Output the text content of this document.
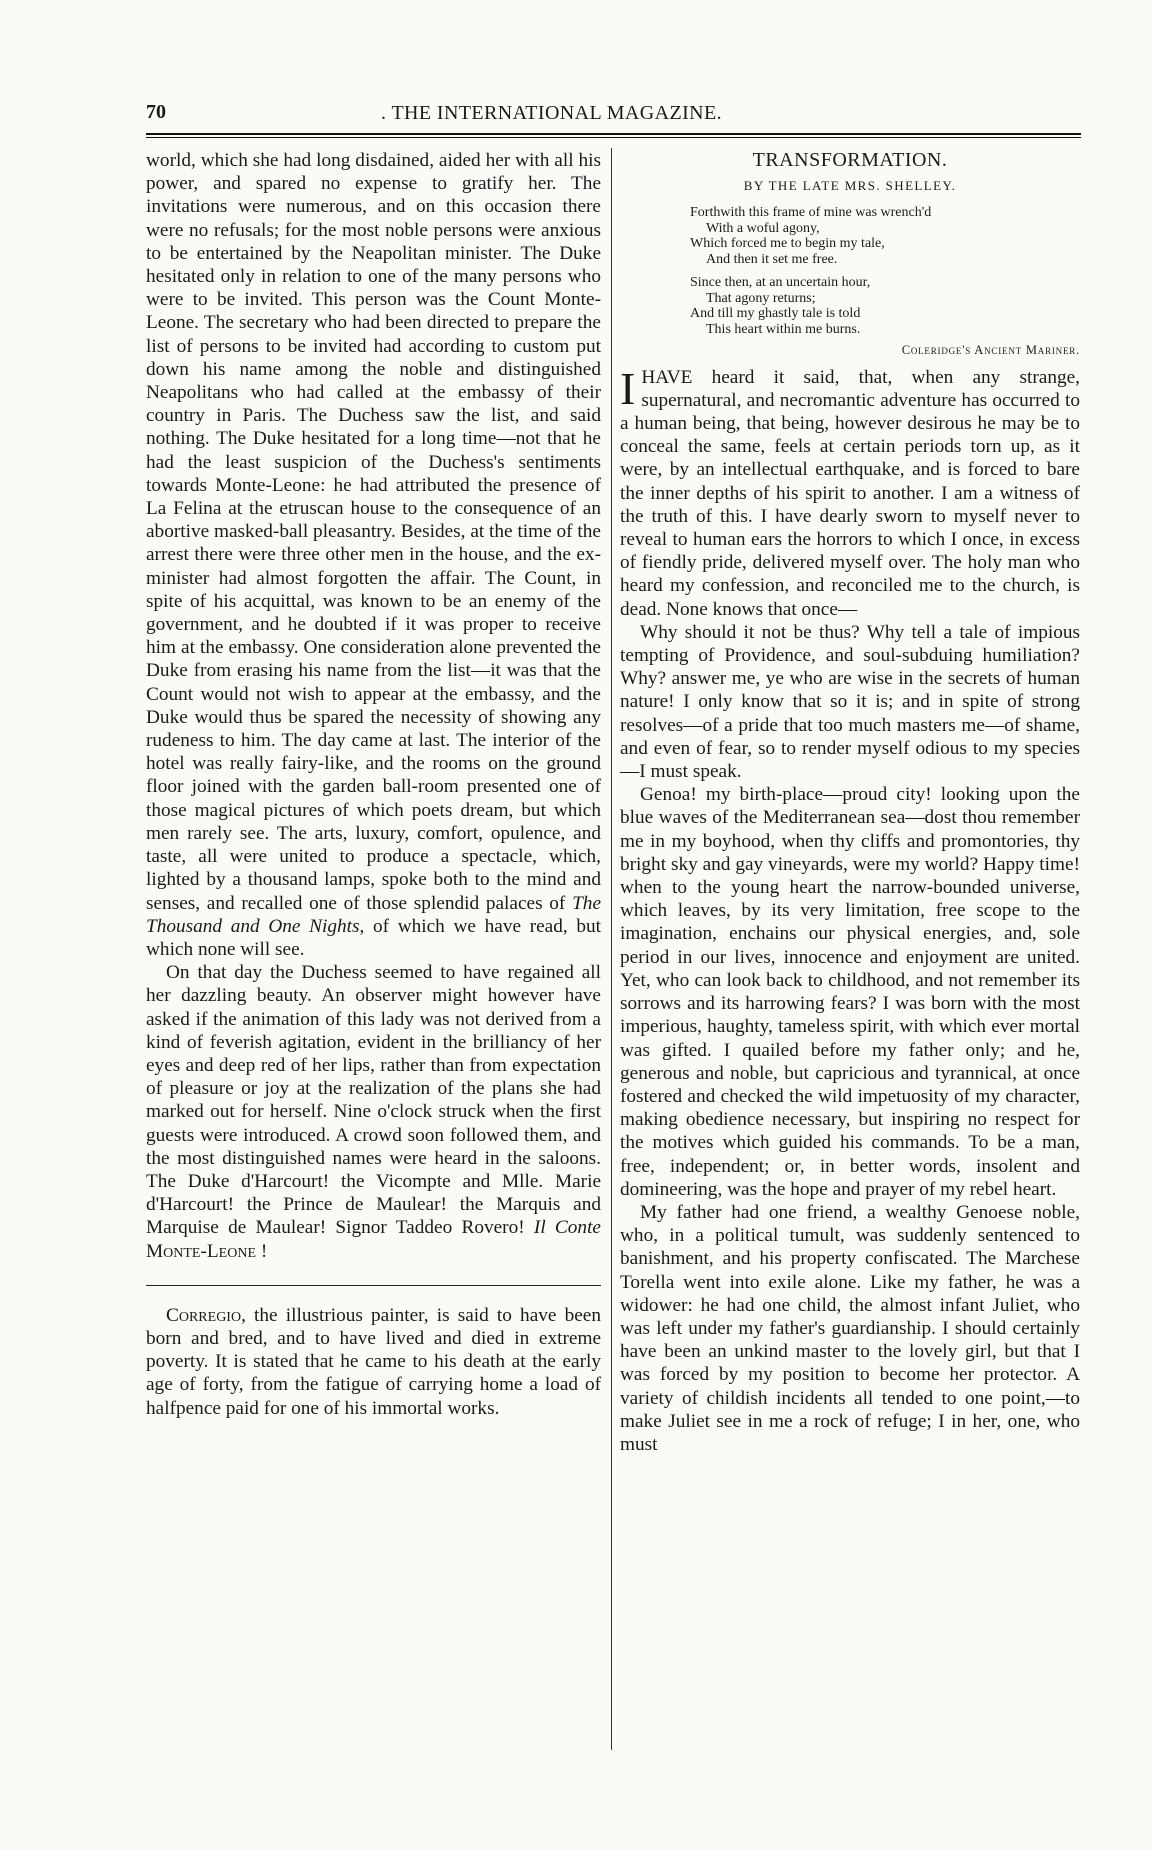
70	. THE INTERNATIONAL MAGAZINE.

world, which she had long disdained, aided her with all his power, and spared no expense to gratify her. The invitations were numerous, and on this occasion there were no refusals; for the most noble persons were anxious to be entertained by the Neapolitan minister. The Duke hesitated only in relation to one of the many persons who were to be invited. This person was the Count Monte-Leone. The secretary who had been directed to prepare the list of persons to be invited had according to custom put down his name among the noble and distinguished Neapolitans who had called at the embassy of their country in Paris. The Duchess saw the list, and said nothing. The Duke hesitated for a long time—not that he had the least suspicion of the Duchess's sentiments towards Monte-Leone: he had attributed the presence of La Felina at the etruscan house to the consequence of an abortive masked-ball pleasantry. Besides, at the time of the arrest there were three other men in the house, and the ex-minister had almost forgotten the affair. The Count, in spite of his acquittal, was known to be an enemy of the government, and he doubted if it was proper to receive him at the embassy. One consideration alone prevented the Duke from erasing his name from the list—it was that the Count would not wish to appear at the embassy, and the Duke would thus be spared the necessity of showing any rudeness to him. The day came at last. The interior of the hotel was really fairy-like, and the rooms on the ground floor joined with the garden ball-room presented one of those magical pictures of which poets dream, but which men rarely see. The arts, luxury, comfort, opulence, and taste, all were united to produce a spectacle, which, lighted by a thousand lamps, spoke both to the mind and senses, and recalled one of those splendid palaces of The Thousand and One Nights, of which we have read, but which none will see.

On that day the Duchess seemed to have regained all her dazzling beauty. An observer might however have asked if the animation of this lady was not derived from a kind of feverish agitation, evident in the brilliancy of her eyes and deep red of her lips, rather than from expectation of pleasure or joy at the realization of the plans she had marked out for herself. Nine o'clock struck when the first guests were introduced. A crowd soon followed them, and the most distinguished names were heard in the saloons. The Duke d'Harcourt! the Vicompte and Mlle. Marie d'Harcourt! the Prince de Maulear! the Marquis and Marquise de Maulear! Signor Taddeo Rovero! Il Conte Monte-Leone !

Corregio, the illustrious painter, is said to have been born and bred, and to have lived and died in extreme poverty. It is stated that he came to his death at the early age of forty, from the fatigue of carrying home a load of halfpence paid for one of his immortal works.

TRANSFORMATION.
BY THE LATE MRS. SHELLEY.
Forthwith this frame of mine was wrench'd
With a woful agony,
Which forced me to begin my tale,
And then it set me free.
Since then, at an uncertain hour,
That agony returns;
And till my ghastly tale is told
This heart within me burns.
Coleridge's Ancient Mariner.

IHAVE heard it said, that, when any strange, supernatural, and necromantic adventure has occurred to a human being, that being, however desirous he may be to conceal the same, feels at certain periods torn up, as it were, by an intellectual earthquake, and is forced to bare the inner depths of his spirit to another. I am a witness of the truth of this. I have dearly sworn to myself never to reveal to human ears the horrors to which I once, in excess of fiendly pride, delivered myself over. The holy man who heard my confession, and reconciled me to the church, is dead. None knows that once—

Why should it not be thus? Why tell a tale of impious tempting of Providence, and soul-subduing humiliation? Why? answer me, ye who are wise in the secrets of human nature! I only know that so it is; and in spite of strong resolves—of a pride that too much masters me—of shame, and even of fear, so to render myself odious to my species—I must speak.

Genoa! my birth-place—proud city! looking upon the blue waves of the Mediterranean sea—dost thou remember me in my boyhood, when thy cliffs and promontories, thy bright sky and gay vineyards, were my world? Happy time! when to the young heart the narrow-bounded universe, which leaves, by its very limitation, free scope to the imagination, enchains our physical energies, and, sole period in our lives, innocence and enjoyment are united. Yet, who can look back to childhood, and not remember its sorrows and its harrowing fears? I was born with the most imperious, haughty, tameless spirit, with which ever mortal was gifted. I quailed before my father only; and he, generous and noble, but capricious and tyrannical, at once fostered and checked the wild impetuosity of my character, making obedience necessary, but inspiring no respect for the motives which guided his commands. To be a man, free, independent; or, in better words, insolent and domineering, was the hope and prayer of my rebel heart.

My father had one friend, a wealthy Genoese noble, who, in a political tumult, was suddenly sentenced to banishment, and his property confiscated. The Marchese Torella went into exile alone. Like my father, he was a widower: he had one child, the almost infant Juliet, who was left under my father's guardianship. I should certainly have been an unkind master to the lovely girl, but that I was forced by my position to become her protector. A variety of childish incidents all tended to one point,—to make Juliet see in me a rock of refuge; I in her, one, who must
